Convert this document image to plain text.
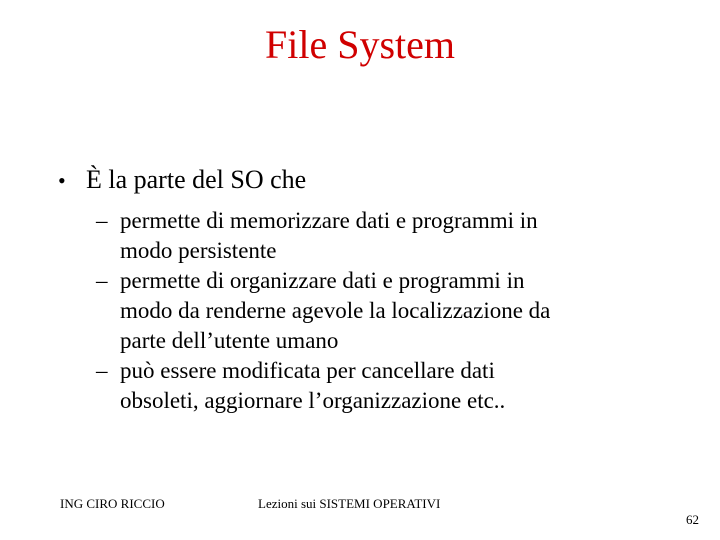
File System
• È la parte del SO che
– permette di memorizzare dati e programmi in
modo persistente
– permette di organizzare dati e programmi in
modo da renderne agevole la localizzazione da
parte dell’utente umano
– può essere modificata per cancellare dati
obsoleti, aggiornare l’organizzazione etc..
ING CIRO RICCIO	Lezioni sui SISTEMI OPERATIVI
62
